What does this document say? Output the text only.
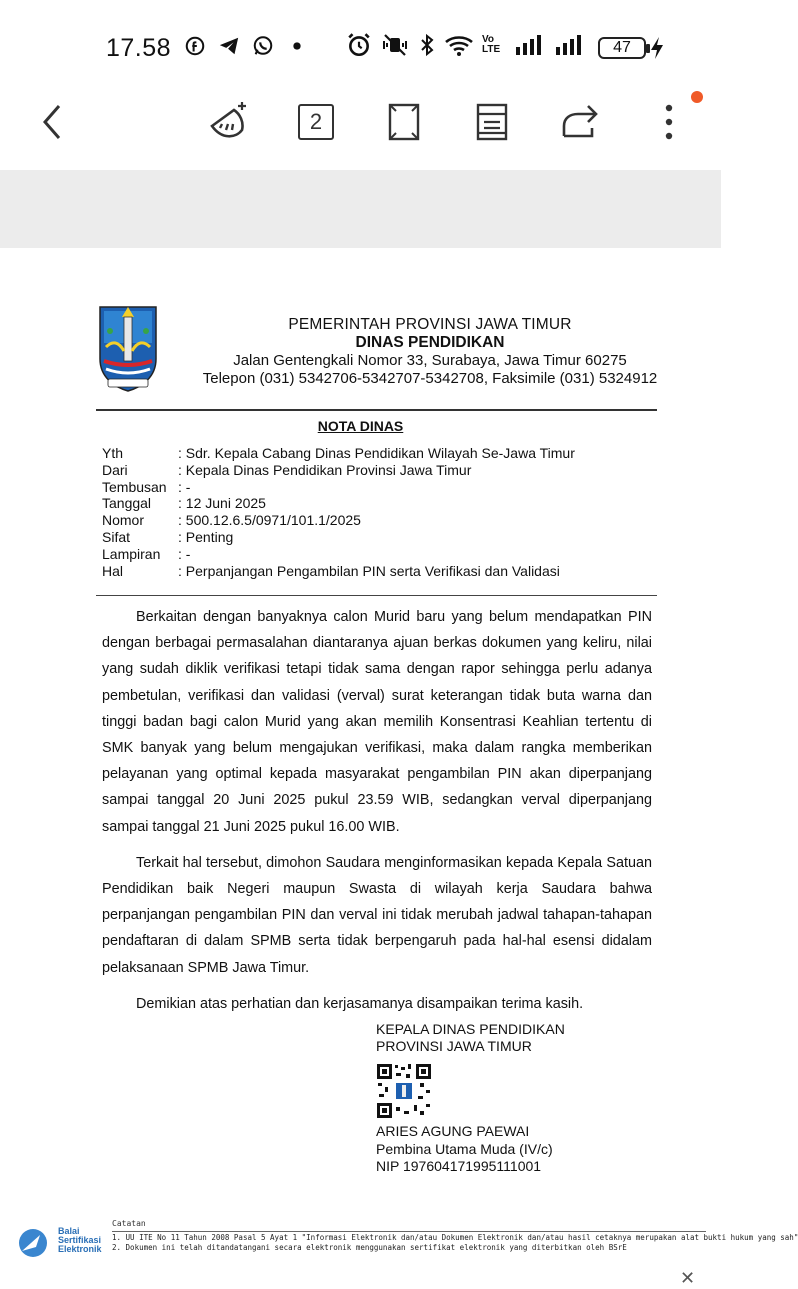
17.58	Vo LTE	47
2
PEMERINTAH PROVINSI JAWA TIMUR
DINAS PENDIDIKAN
Jalan Gentengkali Nomor 33, Surabaya, Jawa Timur 60275
Telepon (031) 5342706-5342707-5342708, Faksimile (031) 5324912
NOTA DINAS
Yth	: Sdr. Kepala Cabang Dinas Pendidikan Wilayah Se-Jawa Timur
Dari	: Kepala Dinas Pendidikan Provinsi Jawa Timur
Tembusan : -
Tanggal	: 12 Juni 2025
Nomor	: 500.12.6.5/0971/101.1/2025
Sifat	: Penting
Lampiran	: -
Hal	: Perpanjangan Pengambilan PIN serta Verifikasi dan Validasi

Berkaitan dengan banyaknya calon Murid baru yang belum mendapatkan PIN dengan berbagai permasalahan diantaranya ajuan berkas dokumen yang keliru, nilai yang sudah diklik verifikasi tetapi tidak sama dengan rapor sehingga perlu adanya pembetulan, verifikasi dan validasi (verval) surat keterangan tidak buta warna dan tinggi badan bagi calon Murid yang akan memilih Konsentrasi Keahlian tertentu di SMK banyak yang belum mengajukan verifikasi, maka dalam rangka memberikan pelayanan yang optimal kepada masyarakat pengambilan PIN akan diperpanjang sampai tanggal 20 Juni 2025 pukul 23.59 WIB, sedangkan verval diperpanjang sampai tanggal 21 Juni 2025 pukul 16.00 WIB.

Terkait hal tersebut, dimohon Saudara menginformasikan kepada Kepala Satuan Pendidikan baik Negeri maupun Swasta di wilayah kerja Saudara bahwa perpanjangan pengambilan PIN dan verval ini tidak merubah jadwal tahapan-tahapan pendaftaran di dalam SPMB serta tidak berpengaruh pada hal-hal esensi didalam pelaksanaan SPMB Jawa Timur.

Demikian atas perhatian dan kerjasamanya disampaikan terima kasih.

KEPALA DINAS PENDIDIKAN
PROVINSI JAWA TIMUR
ARIES AGUNG PAEWAI
Pembina Utama Muda (IV/c)
NIP 197604171995111001
Balai
Sertifikasi
Elektronik
Catatan
1. UU ITE No 11 Tahun 2008 Pasal 5 Ayat 1 "Informasi Elektronik dan/atau Dokumen Elektronik dan/atau hasil cetaknya merupakan alat bukti hukum yang sah"
2. Dokumen ini telah ditandatangani secara elektronik menggunakan sertifikat elektronik yang diterbitkan oleh BSrE
✕
